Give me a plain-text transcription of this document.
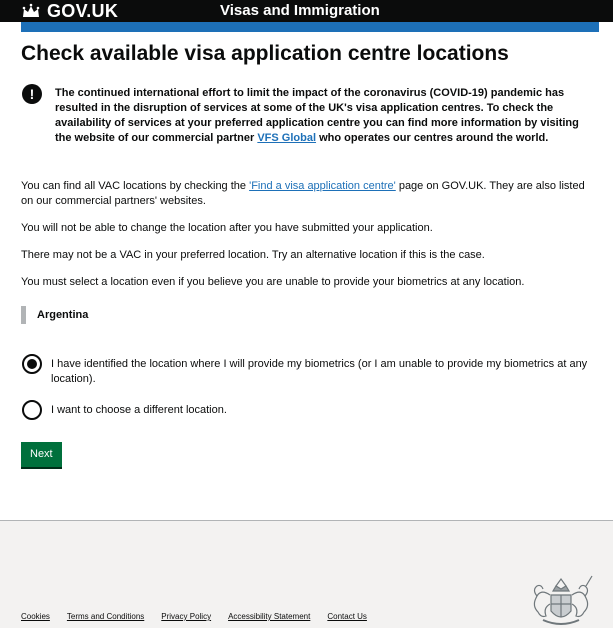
GOV.UK	Visas and Immigration
Check available visa application centre locations
!	The continued international effort to limit the impact of the coronavirus (COVID-19) pandemic has resulted in the disruption of services at some of the UK's visa application centres. To check the availability of services at your preferred application centre you can find more information by visiting the website of our commercial partner VFS Global who operates our centres around the world.

You can find all VAC locations by checking the 'Find a visa application centre' page on GOV.UK. They are also listed on our commercial partners' websites.

You will not be able to change the location after you have submitted your application.

There may not be a VAC in your preferred location. Try an alternative location if this is the case.

You must select a location even if you believe you are unable to provide your biometrics at any location.

Argentina
I have identified the location where I will provide my biometrics (or I am unable to provide my biometrics at any location).
I want to choose a different location.
Next
Cookies Terms and Conditions Privacy Policy Accessibility Statement Contact Us
